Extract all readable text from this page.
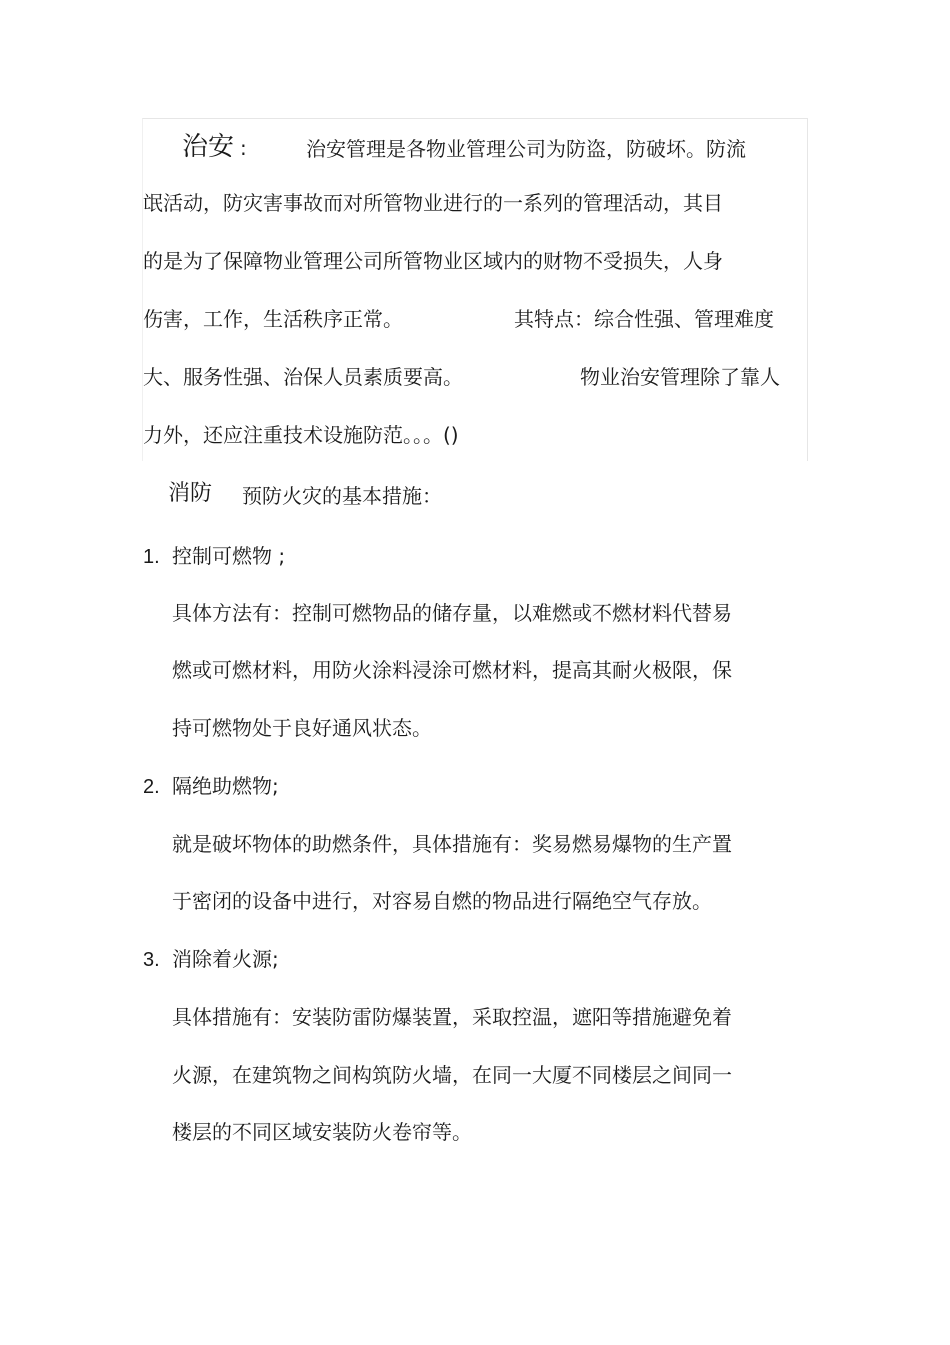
治安 :	治安管理是各物业管理公司为防盗，防破坏。防流
氓活动，防灾害事故而对所管物业进行的一系列的管理活动，其目
的是为了保障物业管理公司所管物业区域内的财物不受损失，人身
伤害，工作，生活秩序正常。	其特点：综合性强、管理难度
大、服务性强、治保人员素质要高。	物业治安管理除了靠人
力外，还应注重技术设施防范。。。()
消防 预防火灾的基本措施：
1. 控制可燃物 ;
具体方法有：控制可燃物品的储存量，以难燃或不燃材料代替易
燃或可燃材料，用防火涂料浸涂可燃材料，提高其耐火极限，保
持可燃物处于良好通风状态。
2. 隔绝助燃物;
就是破坏物体的助燃条件，具体措施有：奖易燃易爆物的生产置
于密闭的设备中进行，对容易自燃的物品进行隔绝空气存放。
3. 消除着火源;
具体措施有：安装防雷防爆装置，采取控温，遮阳等措施避免着
火源，在建筑物之间构筑防火墙，在同一大厦不同楼层之间同一
楼层的不同区域安装防火卷帘等。
